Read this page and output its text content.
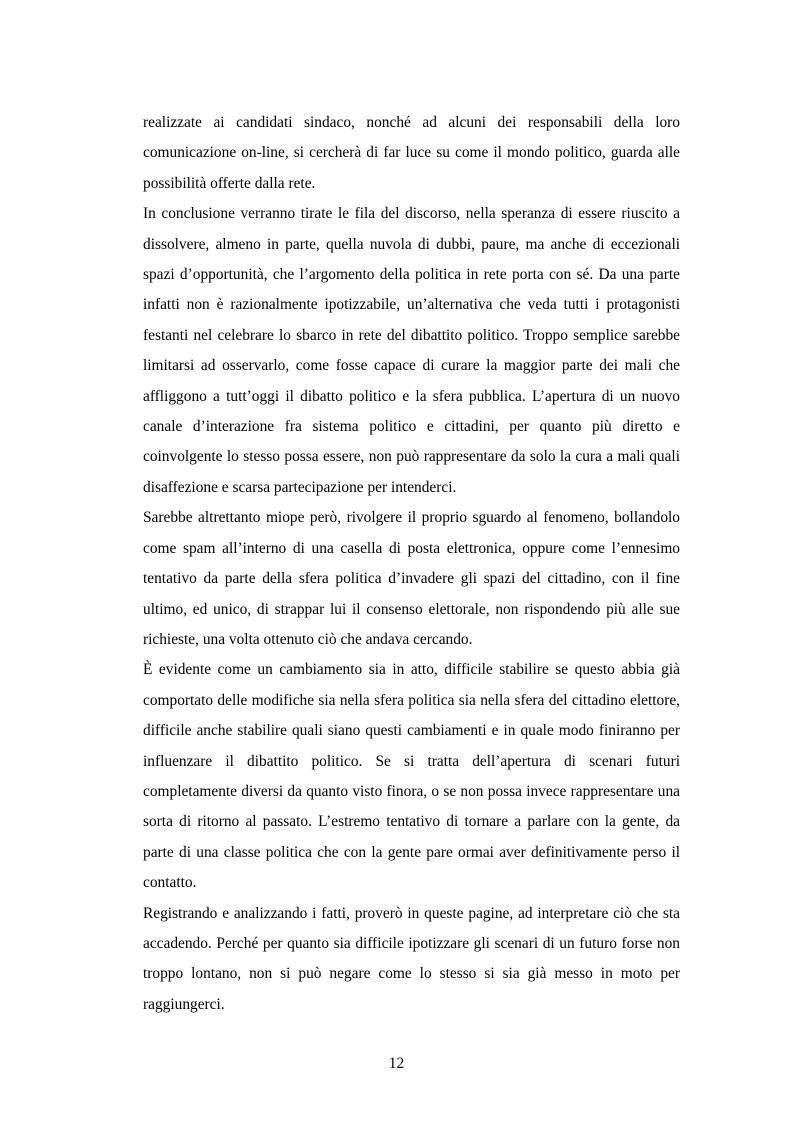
realizzate ai candidati sindaco, nonché ad alcuni dei responsabili della loro comunicazione on-line, si cercherà di far luce su come il mondo politico, guarda alle possibilità offerte dalla rete.

In conclusione verranno tirate le fila del discorso, nella speranza di essere riuscito a dissolvere, almeno in parte, quella nuvola di dubbi, paure, ma anche di eccezionali spazi d’opportunità, che l’argomento della politica in rete porta con sé. Da una parte infatti non è razionalmente ipotizzabile, un’alternativa che veda tutti i protagonisti festanti nel celebrare lo sbarco in rete del dibattito politico. Troppo semplice sarebbe limitarsi ad osservarlo, come fosse capace di curare la maggior parte dei mali che affliggono a tutt’oggi il dibatto politico e la sfera pubblica. L’apertura di un nuovo canale d’interazione fra sistema politico e cittadini, per quanto più diretto e coinvolgente lo stesso possa essere, non può rappresentare da solo la cura a mali quali disaffezione e scarsa partecipazione per intenderci.

Sarebbe altrettanto miope però, rivolgere il proprio sguardo al fenomeno, bollandolo come spam all’interno di una casella di posta elettronica, oppure come l’ennesimo tentativo da parte della sfera politica d’invadere gli spazi del cittadino, con il fine ultimo, ed unico, di strappar lui il consenso elettorale, non rispondendo più alle sue richieste, una volta ottenuto ciò che andava cercando.

È evidente come un cambiamento sia in atto, difficile stabilire se questo abbia già comportato delle modifiche sia nella sfera politica sia nella sfera del cittadino elettore, difficile anche stabilire quali siano questi cambiamenti e in quale modo finiranno per influenzare il dibattito politico. Se si tratta dell’apertura di scenari futuri completamente diversi da quanto visto finora, o se non possa invece rappresentare una sorta di ritorno al passato. L’estremo tentativo di tornare a parlare con la gente, da parte di una classe politica che con la gente pare ormai aver definitivamente perso il contatto.

Registrando e analizzando i fatti, proverò in queste pagine, ad interpretare ciò che sta accadendo. Perché per quanto sia difficile ipotizzare gli scenari di un futuro forse non troppo lontano, non si può negare come lo stesso si sia già messo in moto per raggiungerci.

12
